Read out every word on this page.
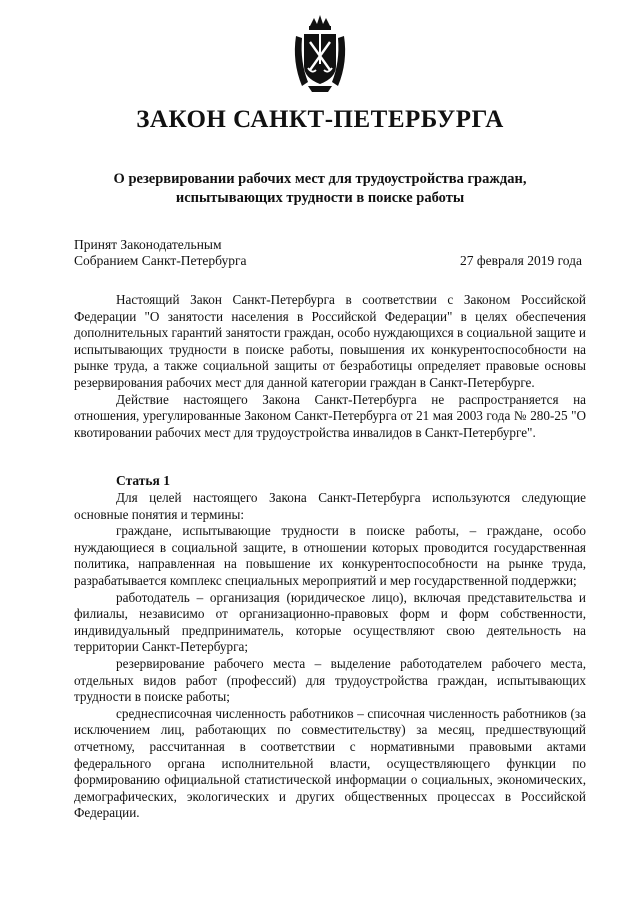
ЗАКОН САНКТ-ПЕТЕРБУРГА
О резервировании рабочих мест для трудоустройства граждан,
испытывающих трудности в поиске работы
Принят Законодательным
Собранием Санкт-Петербурга	27 февраля 2019 года

Настоящий Закон Санкт-Петербурга в соответствии с Законом Российской Федерации "О занятости населения в Российской Федерации" в целях обеспечения дополнительных гарантий занятости граждан, особо нуждающихся в социальной защите и испытывающих трудности в поиске работы, повышения их конкурентоспособности на рынке труда, а также социальной защиты от безработицы определяет правовые основы резервирования рабочих мест для данной категории граждан в Санкт-Петербурге.

Действие настоящего Закона Санкт-Петербурга не распространяется на отношения, урегулированные Законом Санкт-Петербурга от 21 мая 2003 года № 280-25 "О квотировании рабочих мест для трудоустройства инвалидов в Санкт-Петербурге".

Статья 1

Для целей настоящего Закона Санкт-Петербурга используются следующие основные понятия и термины:

граждане, испытывающие трудности в поиске работы, – граждане, особо нуждающиеся в социальной защите, в отношении которых проводится государственная политика, направленная на повышение их конкурентоспособности на рынке труда, разрабатывается комплекс специальных мероприятий и мер государственной поддержки;

работодатель – организация (юридическое лицо), включая представительства и филиалы, независимо от организационно-правовых форм и форм собственности, индивидуальный предприниматель, которые осуществляют свою деятельность на территории Санкт-Петербурга;

резервирование рабочего места – выделение работодателем рабочего места, отдельных видов работ (профессий) для трудоустройства граждан, испытывающих трудности в поиске работы;

среднесписочная численность работников – списочная численность работников (за исключением лиц, работающих по совместительству) за месяц, предшествующий отчетному, рассчитанная в соответствии с нормативными правовыми актами федерального органа исполнительной власти, осуществляющего функции по формированию официальной статистической информации о социальных, экономических, демографических, экологических и других общественных процессах в Российской Федерации.
